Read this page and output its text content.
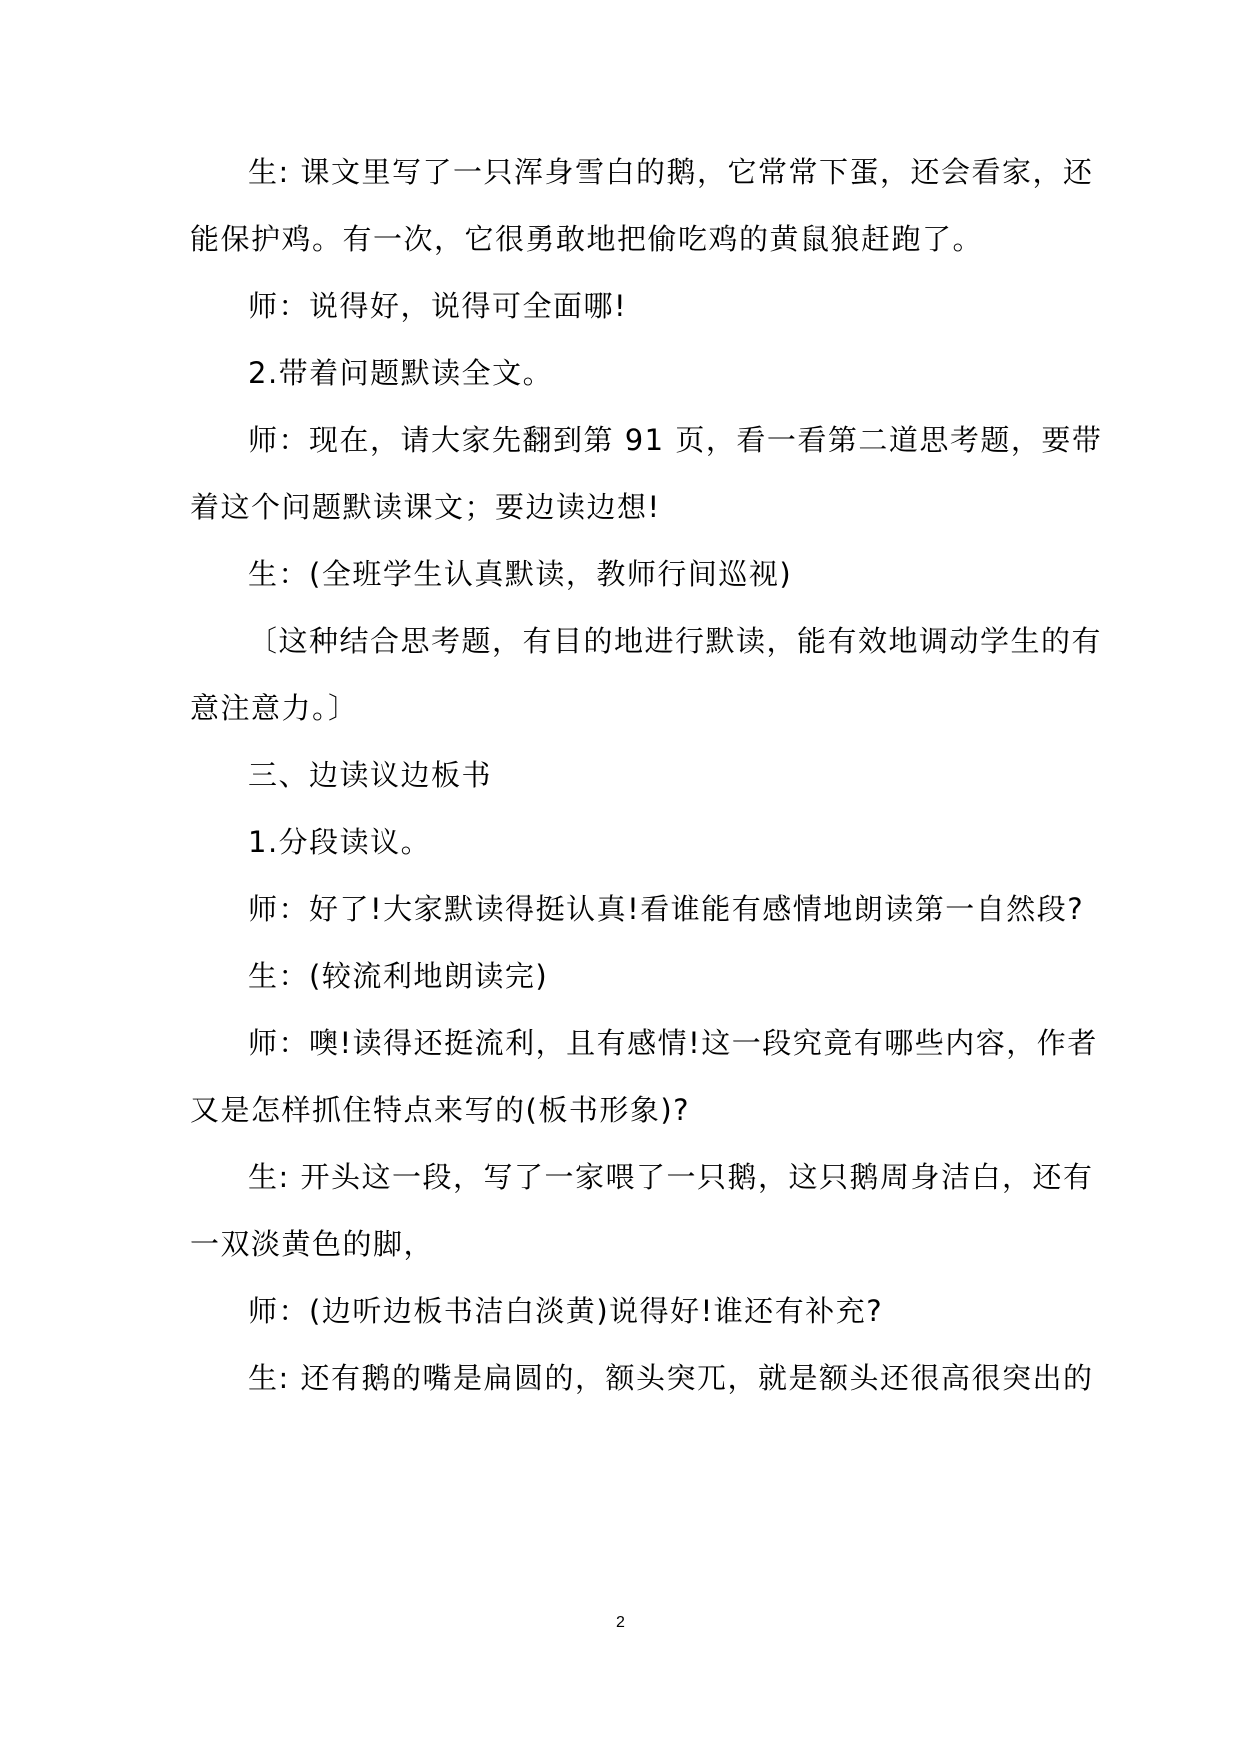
生: 课文里写了一只浑身雪白的鹅，它常常下蛋，还会看家，还
能保护鸡。有一次，它很勇敢地把偷吃鸡的黄鼠狼赶跑了。
师：说得好，说得可全面哪!
2.带着问题默读全文。
师：现在，请大家先翻到第 91 页，看一看第二道思考题，要带
着这个问题默读课文；要边读边想!
生：(全班学生认真默读，教师行间巡视)
〔这种结合思考题，有目的地进行默读，能有效地调动学生的有
意注意力。〕
三、边读议边板书
1.分段读议。
师：好了!大家默读得挺认真!看谁能有感情地朗读第一自然段?
生：(较流利地朗读完)
师：噢!读得还挺流利，且有感情!这一段究竟有哪些内容，作者
又是怎样抓住特点来写的(板书形象)?
生: 开头这一段，写了一家喂了一只鹅，这只鹅周身洁白，还有
一双淡黄色的脚，
师：(边听边板书洁白淡黄)说得好!谁还有补充?
生: 还有鹅的嘴是扁圆的，额头突兀，就是额头还很高很突出的
2
